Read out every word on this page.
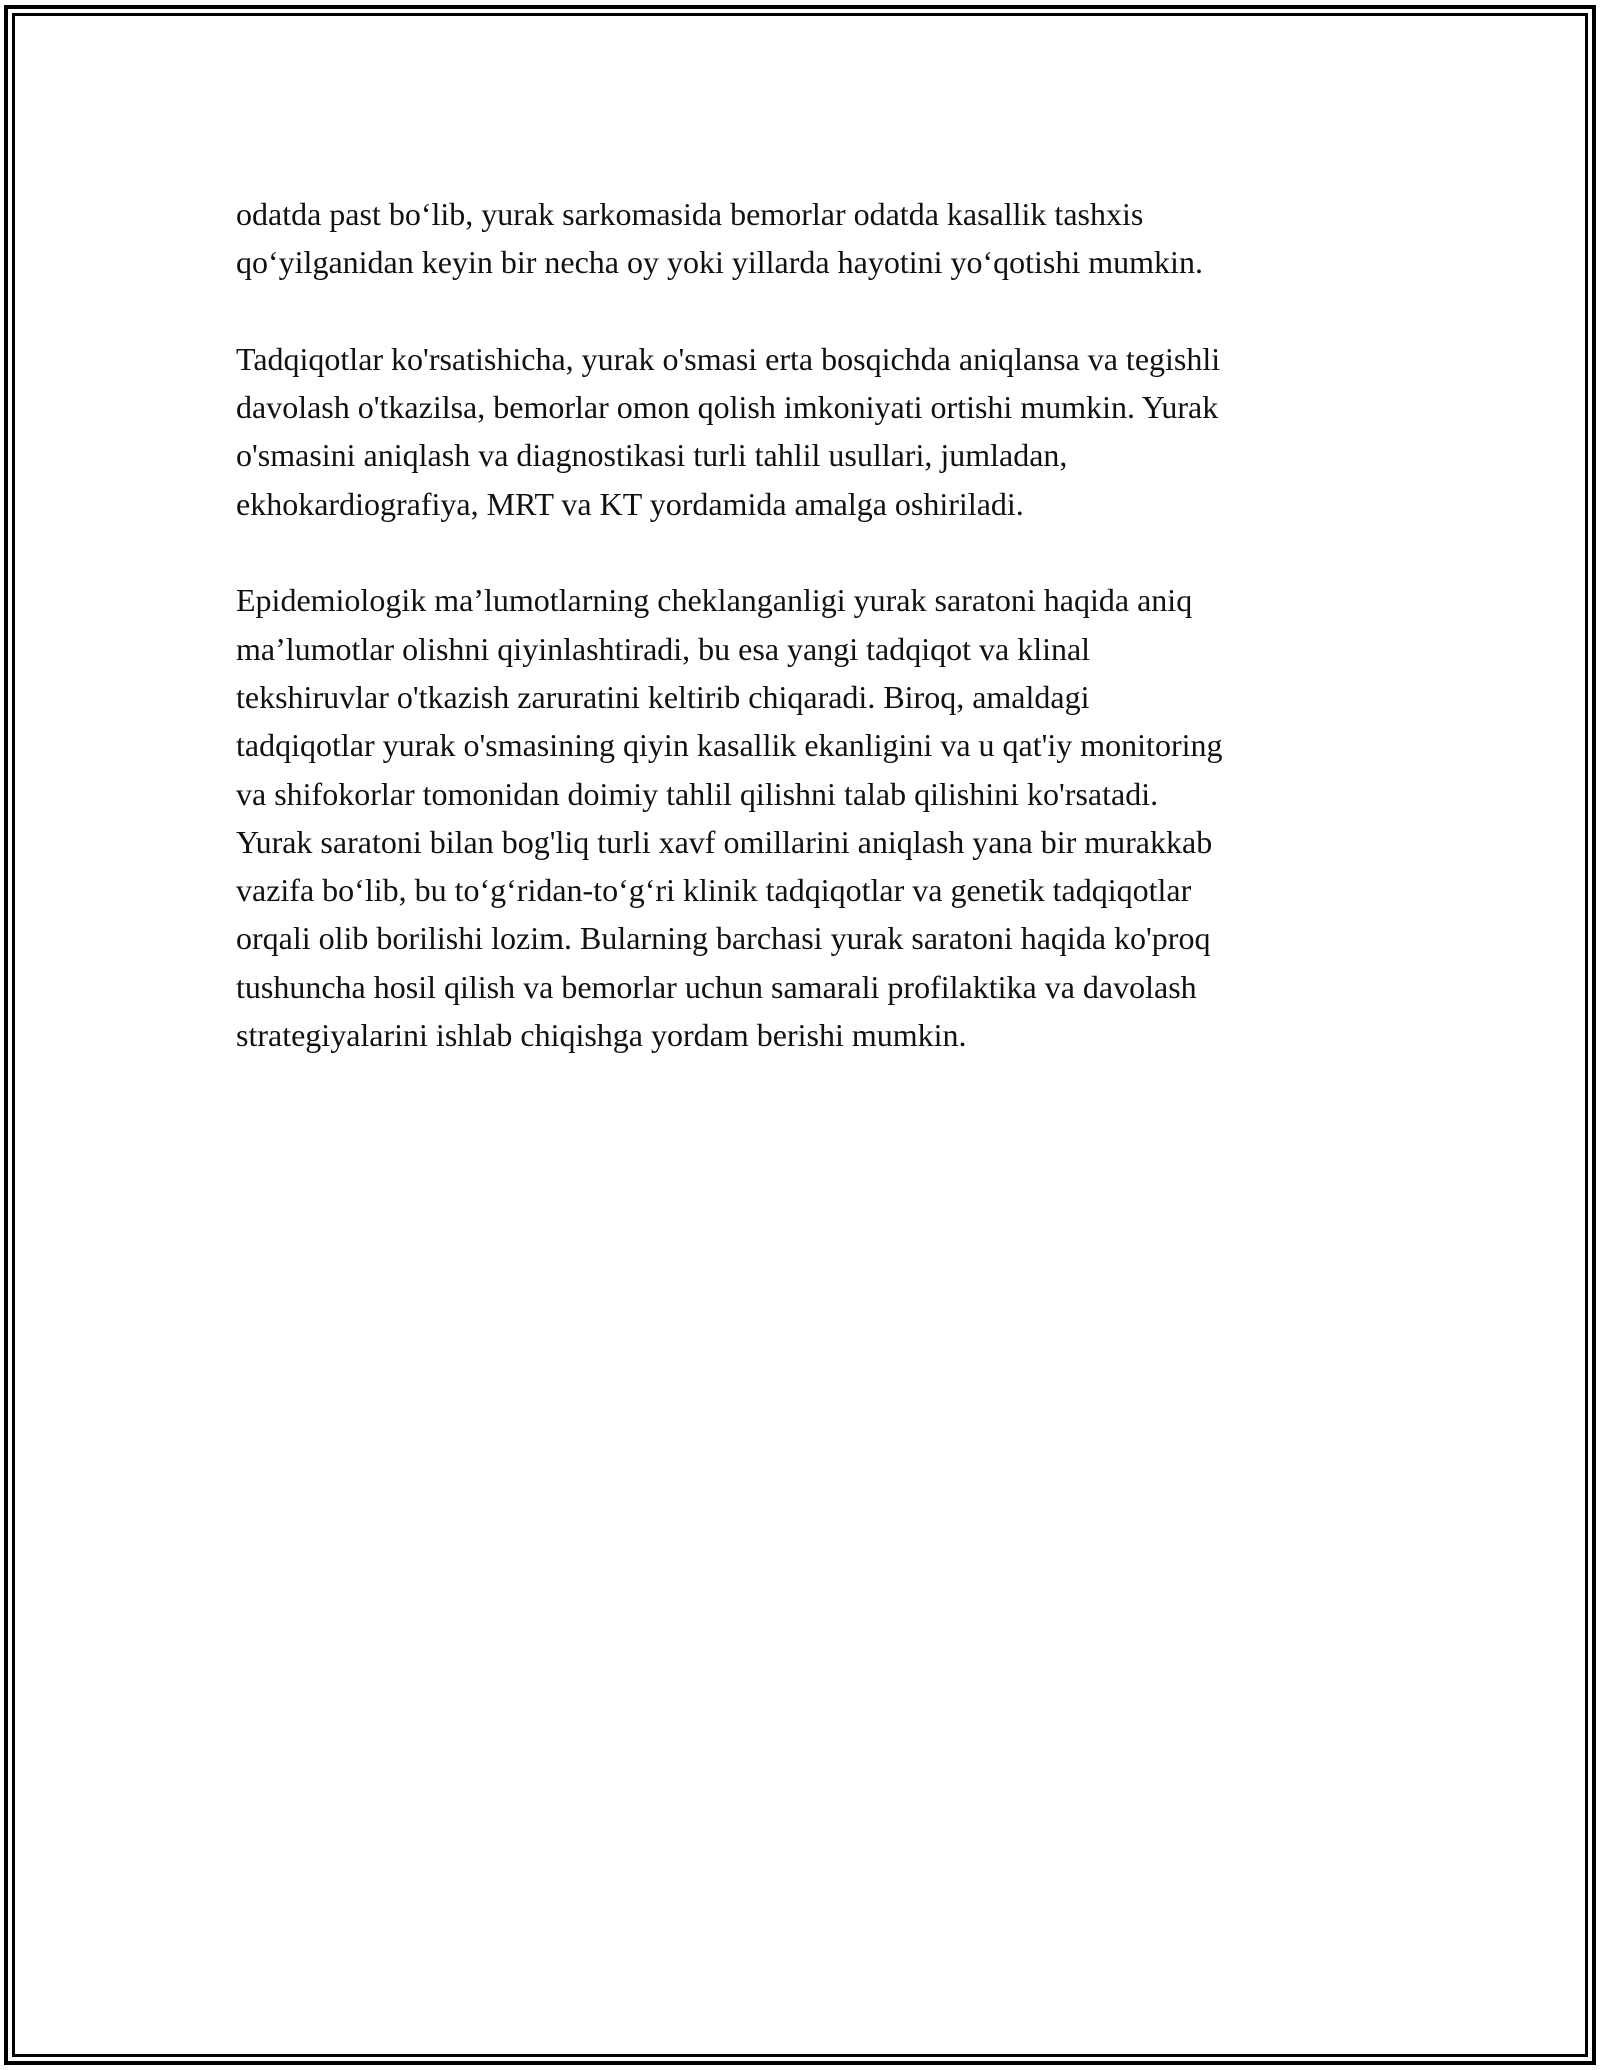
odatda past bo‘lib, yurak sarkomasida bemorlar odatda kasallik tashxis
qo‘yilganidan keyin bir necha oy yoki yillarda hayotini yo‘qotishi mumkin.

Tadqiqotlar ko'rsatishicha, yurak o'smasi erta bosqichda aniqlansa va tegishli
davolash o'tkazilsa, bemorlar omon qolish imkoniyati ortishi mumkin. Yurak
o'smasini aniqlash va diagnostikasi turli tahlil usullari, jumladan,
ekhokardiografiya, MRT va KT yordamida amalga oshiriladi.

Epidemiologik ma’lumotlarning cheklanganligi yurak saratoni haqida aniq
ma’lumotlar olishni qiyinlashtiradi, bu esa yangi tadqiqot va klinal
tekshiruvlar o'tkazish zaruratini keltirib chiqaradi. Biroq, amaldagi
tadqiqotlar yurak o'smasining qiyin kasallik ekanligini va u qat'iy monitoring
va shifokorlar tomonidan doimiy tahlil qilishni talab qilishini ko'rsatadi.
Yurak saratoni bilan bog'liq turli xavf omillarini aniqlash yana bir murakkab
vazifa bo‘lib, bu to‘g‘ridan-to‘g‘ri klinik tadqiqotlar va genetik tadqiqotlar
orqali olib borilishi lozim. Bularning barchasi yurak saratoni haqida ko'proq
tushuncha hosil qilish va bemorlar uchun samarali profilaktika va davolash
strategiyalarini ishlab chiqishga yordam berishi mumkin.
